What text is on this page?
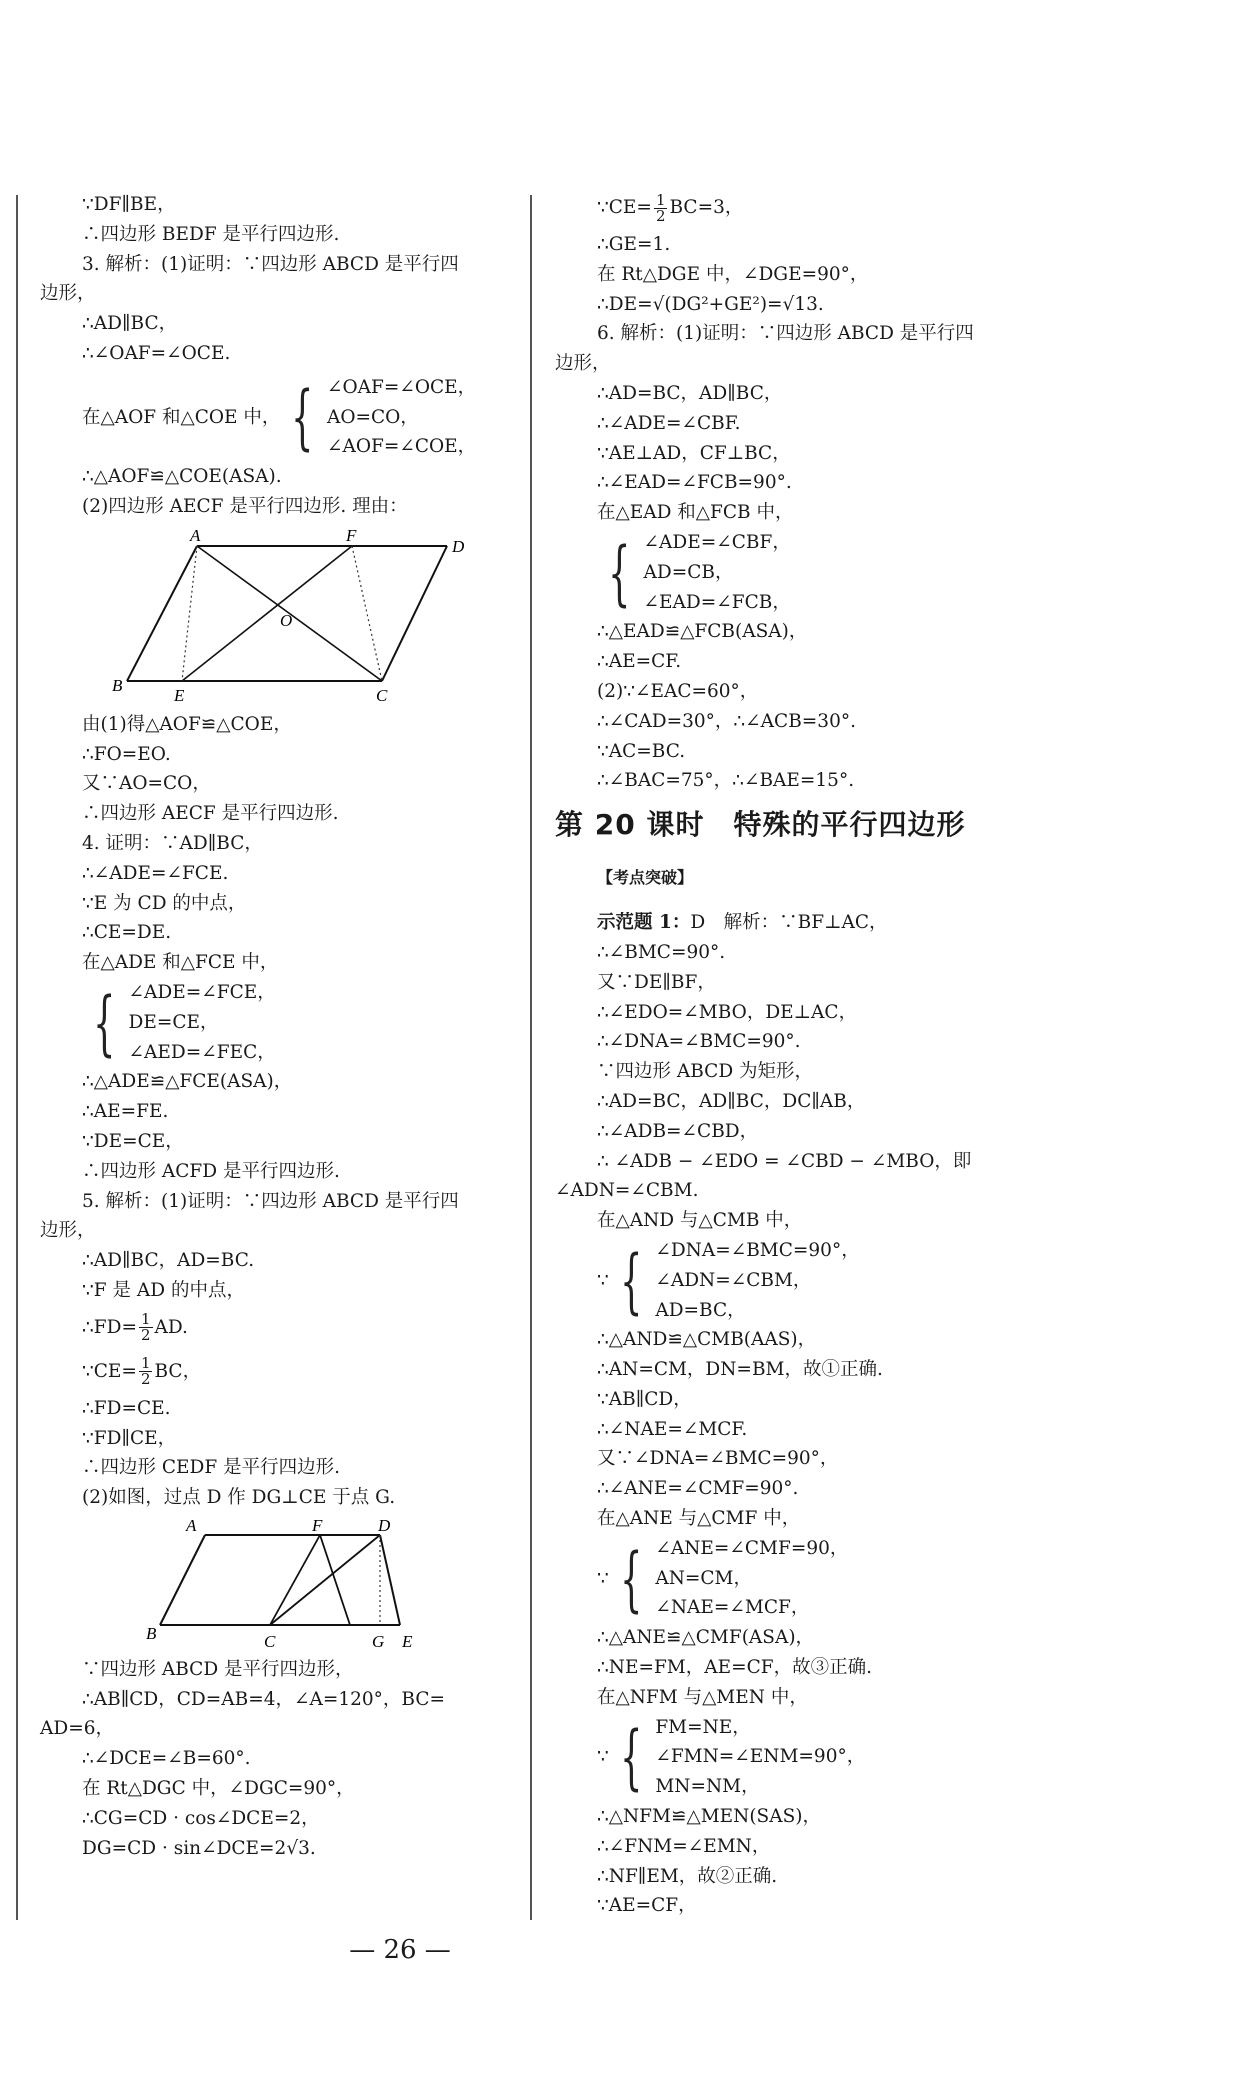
∵DF∥BE，

∴四边形 BEDF 是平行四边形.

3. 解析：(1)证明：∵四边形 ABCD 是平行四

边形，

∴AD∥BC，

∴∠OAF=∠OCE.

在△AOF 和△COE 中， { ∠OAF=∠OCE，
AO=CO，
∠AOF=∠COE，

∴△AOF≌△COE(ASA).

(2)四边形 AECF 是平行四边形. 理由：

A	F
D
B
E	C
O

由(1)得△AOF≌△COE，

∴FO=EO.

又∵AO=CO，

∴四边形 AECF 是平行四边形.

4. 证明：∵AD∥BC，

∴∠ADE=∠FCE.

∵E 为 CD 的中点，

∴CE=DE.

在△ADE 和△FCE 中，

{ ∠ADE=∠FCE，
DE=CE，
∠AED=∠FEC，

∴△ADE≌△FCE(ASA)，

∴AE=FE.

∵DE=CE，

∴四边形 ACFD 是平行四边形.

5. 解析：(1)证明：∵四边形 ABCD 是平行四

边形，

∴AD∥BC，AD=BC.

∵F 是 AD 的中点，

∴FD= $\frac{1}{2}$ AD.

∵CE= $\frac{1}{2}$ BC，

∴FD=CE.

∵FD∥CE，

∴四边形 CEDF 是平行四边形.

(2)如图，过点 D 作 DG⊥CE 于点 G.

A	F	D
B	C	G E

∵四边形 ABCD 是平行四边形，

∴AB∥CD，CD=AB=4，∠A=120°，BC=

AD=6，

∴∠DCE=∠B=60°.

在 Rt△DGC 中，∠DGC=90°，

∴CG=CD · cos∠DCE=2，

DG=CD · sin∠DCE=2√3.

∵CE= $\frac{1}{2} BC=3$，

∴GE=1.

在 Rt△DGE 中，∠DGE=90°，

∴DE=√(DG²+GE²)=√13.

6. 解析：(1)证明：∵四边形 ABCD 是平行四

边形，

∴AD=BC，AD∥BC，

∴∠ADE=∠CBF.

∵AE⊥AD，CF⊥BC，

∴∠EAD=∠FCB=90°.

在△EAD 和△FCB 中，

{ ∠ADE=∠CBF，
AD=CB，
∠EAD=∠FCB，

∴△EAD≌△FCB(ASA)，

∴AE=CF.

(2)∵∠EAC=60°，

∴∠CAD=30°，∴∠ACB=30°.

∵AC=BC.

∴∠BAC=75°，∴∠BAE=15°.

第 20 课时　特殊的平行四边形

【考点突破】

示范题 1：D　解析：∵BF⊥AC，

∴∠BMC=90°.

又∵DE∥BF，

∴∠EDO=∠MBO，DE⊥AC，

∴∠DNA=∠BMC=90°.

∵四边形 ABCD 为矩形，

∴AD=BC，AD∥BC，DC∥AB，

∴∠ADB=∠CBD，

∴ ∠ADB − ∠EDO = ∠CBD − ∠MBO，即

∠ADN=∠CBM.

在△AND 与△CMB 中，

∵ { ∠DNA=∠BMC=90°，
∠ADN=∠CBM，
AD=BC，

∴△AND≌△CMB(AAS)，

∴AN=CM，DN=BM，故①正确.

∵AB∥CD，

∴∠NAE=∠MCF.

又∵∠DNA=∠BMC=90°，

∴∠ANE=∠CMF=90°.

在△ANE 与△CMF 中，

∵ { ∠ANE=∠CMF=90，
AN=CM，
∠NAE=∠MCF，

∴△ANE≌△CMF(ASA)，

∴NE=FM，AE=CF，故③正确.

在△NFM 与△MEN 中，

∵ { FM=NE，
∠FMN=∠ENM=90°，
MN=NM，

∴△NFM≌△MEN(SAS)，

∴∠FNM=∠EMN，

∴NF∥EM，故②正确.

∵AE=CF，

— 26 —
